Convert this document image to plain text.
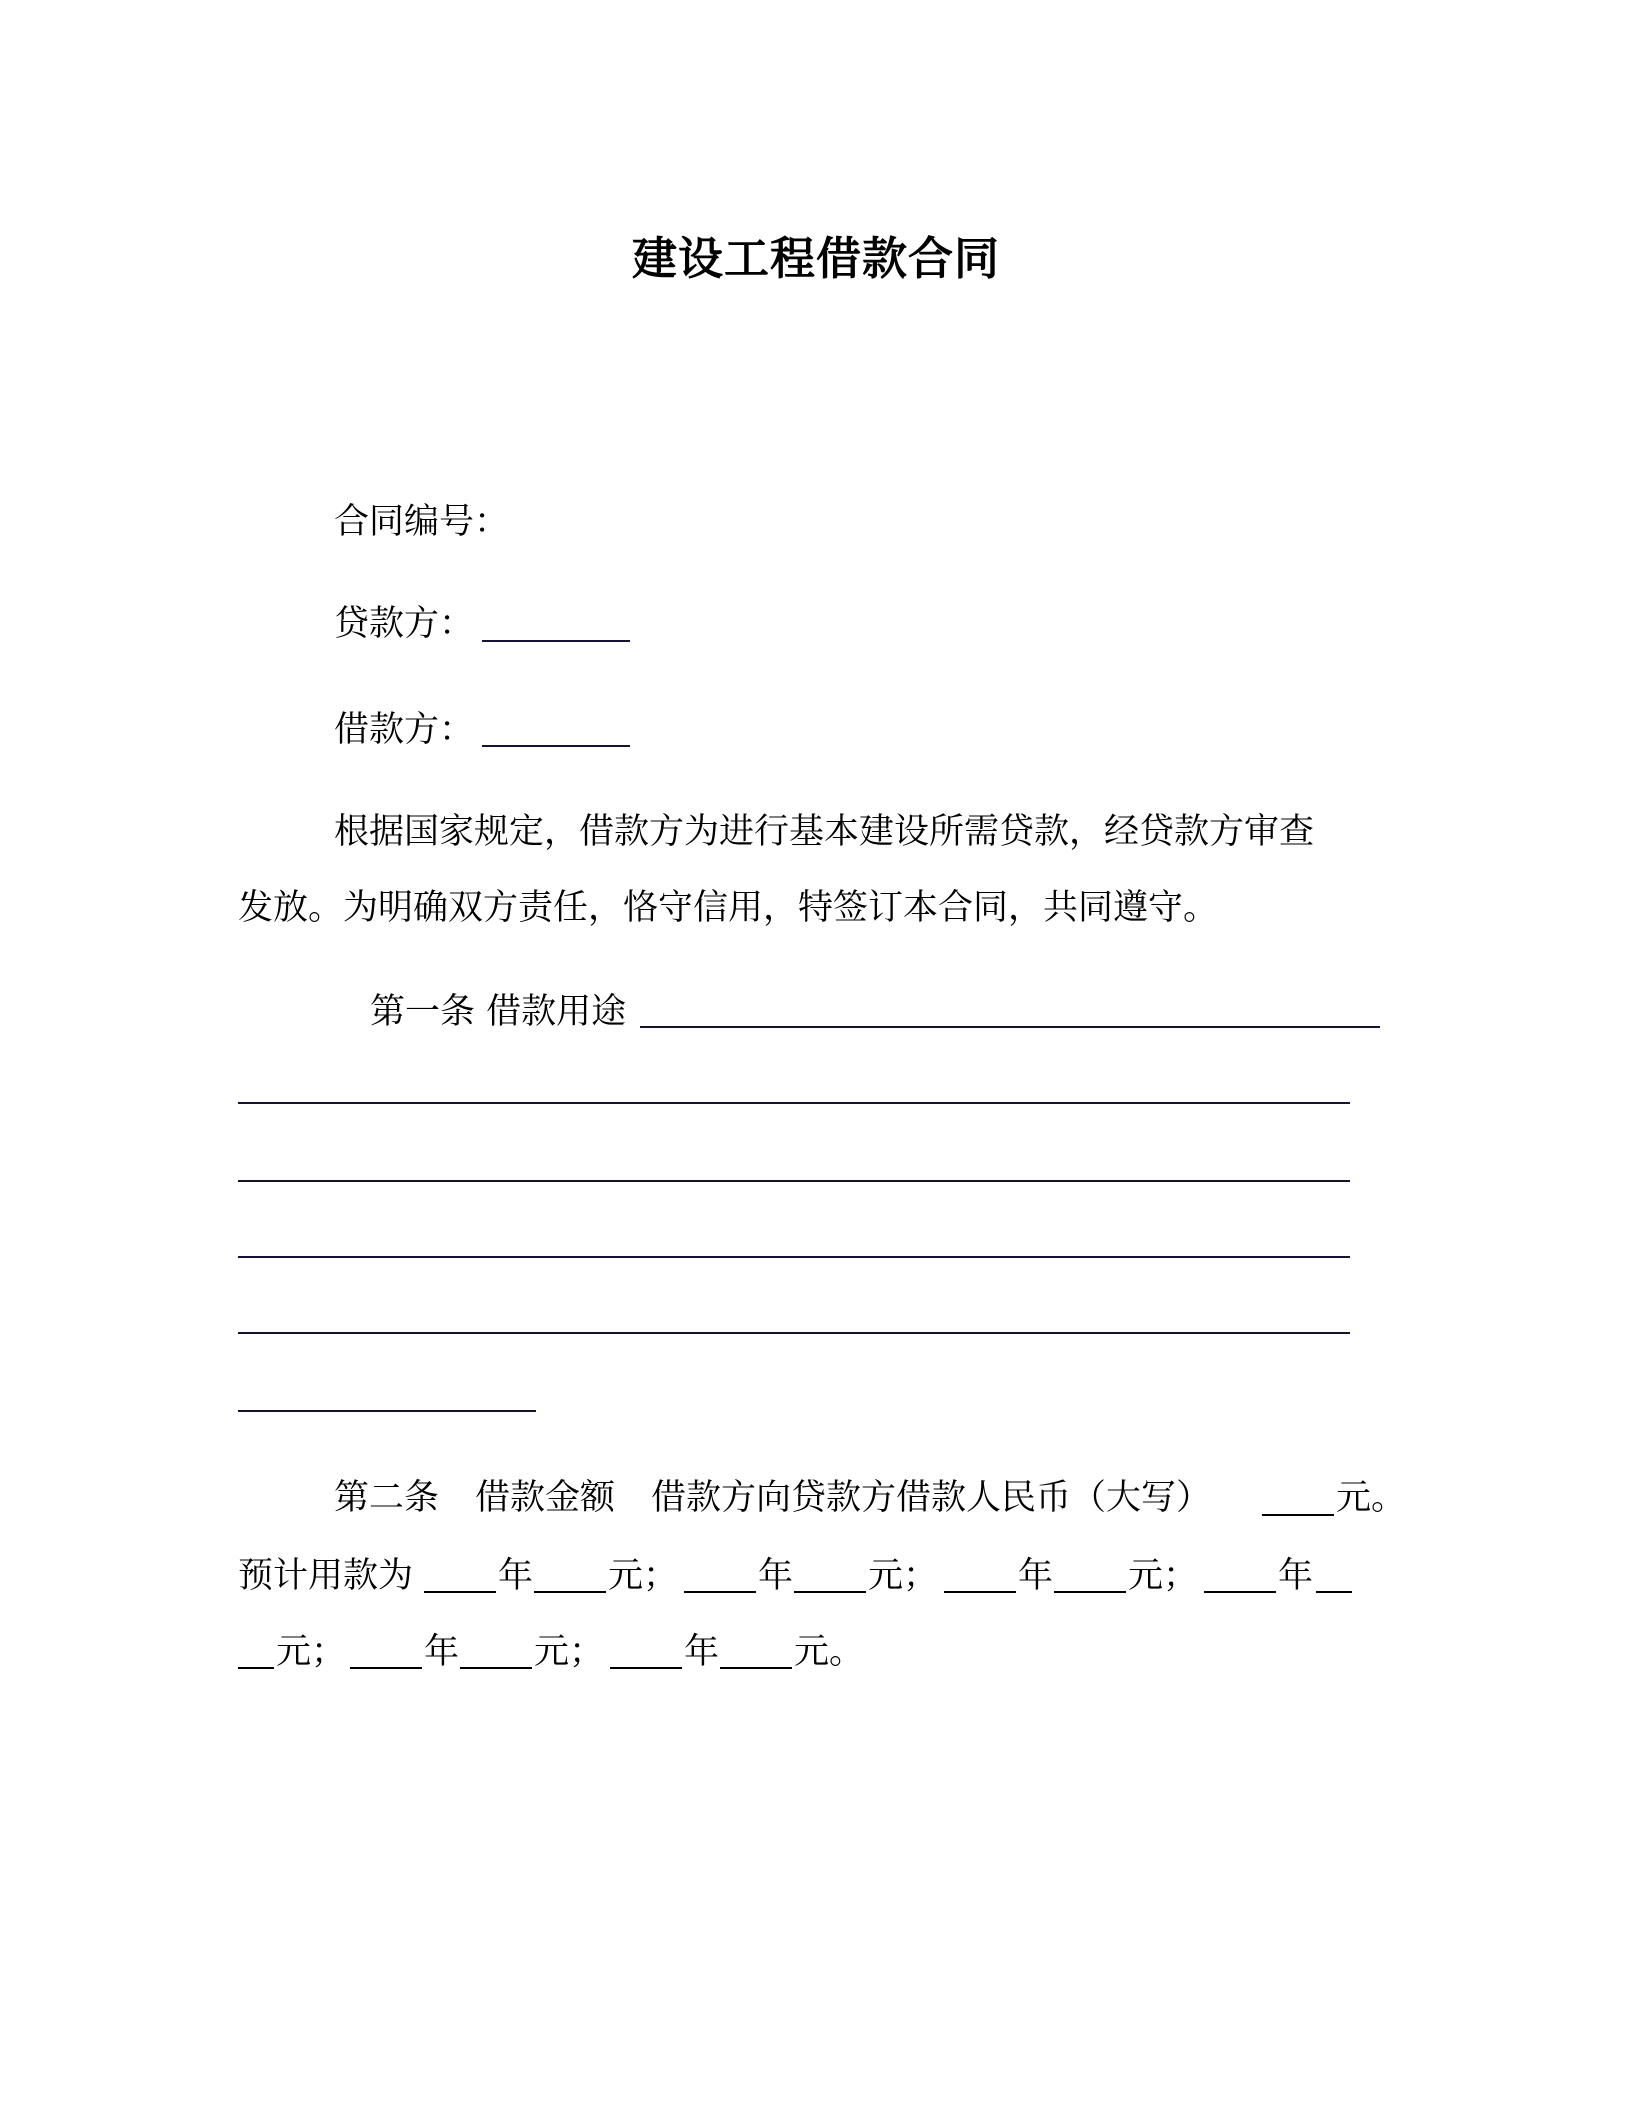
建设工程借款合同
合同编号：
贷款方：
借款方：
根据国家规定，借款方为进行基本建设所需贷款，经贷款方审查
发放。为明确双方责任，恪守信用，特签订本合同，共同遵守。
第一条 借款用途
第二条 借款金额 借款方向贷款方借款人民币（大写）	元。
预计用款为 年 元； 年 元； 年 元； 年
元； 年 元； 年 元。
